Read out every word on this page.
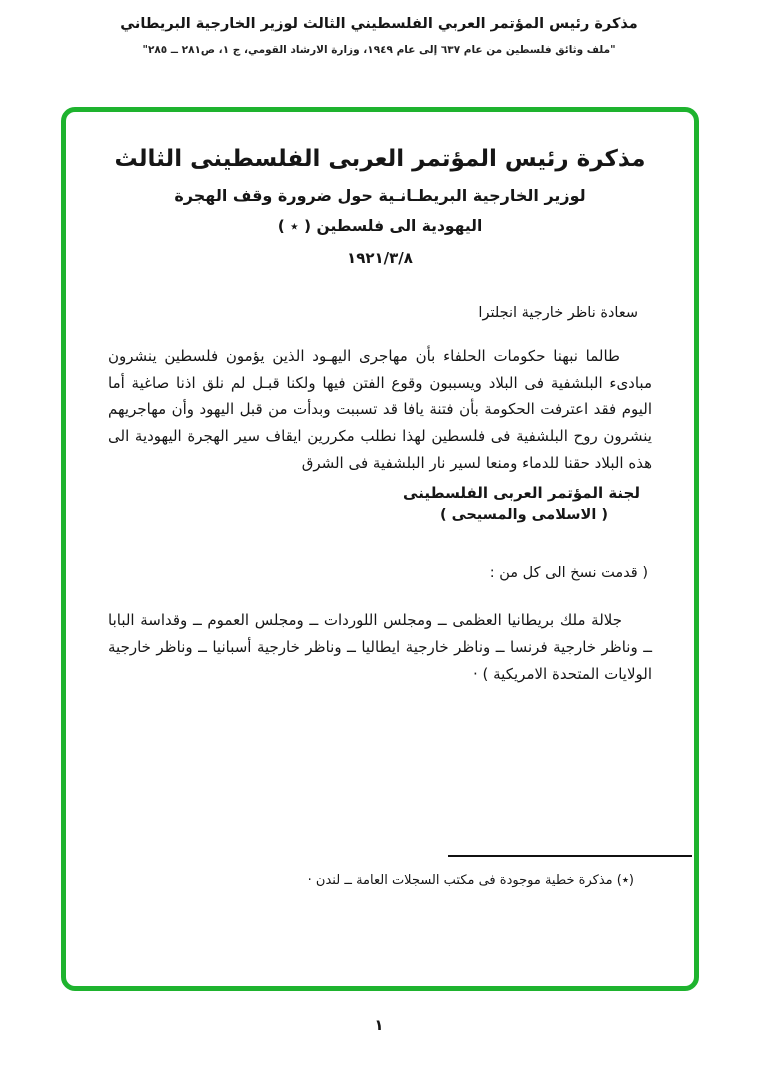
مذكرة رئيس المؤتمر العربي الفلسطيني الثالث لوزير الخارجية البريطاني
"ملف وثائق فلسطين من عام ٦٣٧ إلى عام ١٩٤٩، وزارة الارشاد القومي، ج ١، ص٢٨١ ــ ٢٨٥"
مذكرة رئيس المؤتمر العربى الفلسطينى الثالث
لوزير الخارجية البريطـانـية حول ضرورة وقف الهجرة
اليهودية الى فلسطين ( ٭ )
١٩٢١/٣/٨
سعادة ناظر خارجية انجلترا

طالما نبهنا حكومات الحلفاء بأن مهاجرى اليهـود الذين يؤمون فلسطين ينشرون مبادىء البلشفية فى البلاد ويسببون وقوع الفتن فيها ولكنا قبـل لم نلق اذنا صاغية أما اليوم فقد اعترفت الحكومة بأن فتنة يافا قد تسببت وبدأت من قبل اليهود وأن مهاجريهم ينشرون روح البلشفية فى فلسطين لهذا نطلب مكررين ايقاف سير الهجرة اليهودية الى هذه البلاد حقنا للدماء ومنعا لسير نار البلشفية فى الشرق

لجنة المؤتمر العربى الفلسطينى
( الاسلامى والمسيحى )
( قدمت نسخ الى كل من :

جلالة ملك بريطانيا العظمى ــ ومجلس اللوردات ــ ومجلس العموم ــ وقداسة البابا ــ وناظر خارجية فرنسا ــ وناظر خارجية ايطاليا ــ وناظر خارجية أسبانيا ــ وناظر خارجية الولايات المتحدة الامريكية ) ·

(٭) مذكرة خطية موجودة فى مكتب السجلات العامة ــ لندن ·
١
